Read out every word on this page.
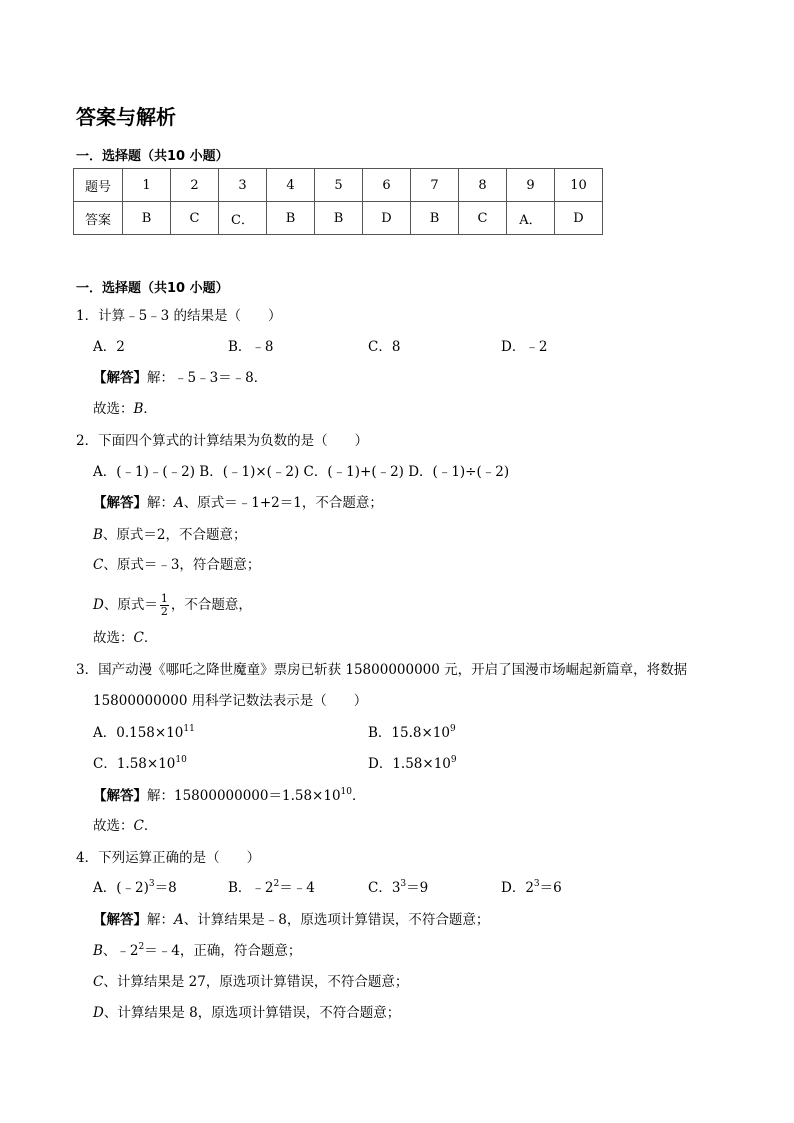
答案与解析
一．选择题（共10 小题）
题号	1	2	3	4	5	6	7	8	9	10
答案	B	C	C．	B	B	D	B	C	A．	D
一．选择题（共10 小题）
1．计算﹣5﹣3 的结果是（　　）
A．2	B．﹣8	C．8	D．﹣2
【解答】解：﹣5﹣3＝﹣8．
故选：B．
2．下面四个算式的计算结果为负数的是（　　）
A．(﹣1)﹣(﹣2) B．(﹣1)×(﹣2) C．(﹣1)+(﹣2) D．(﹣1)÷(﹣2)
【解答】解：A、原式＝﹣1+2＝1，不合题意；
B、原式＝2，不合题意；
C、原式＝﹣3，符合题意；
D、原式＝ $\frac{1}{2}$ ，不合题意，
故选：C．
3．国产动漫《哪吒之降世魔童》票房已斩获 15800000000 元，开启了国漫市场崛起新篇章，将数据
15800000000 用科学记数法表示是（　　）
A．$0.158\times 10^{11}$	B．$15.8\times 10^9$
C．$1.58\times 10^{10}$	D．$1.58\times 10^9$
【解答】解：$15800000000=1.58\times 10^{10}$．
故选：C．
4．下列运算正确的是（　　）
A．(﹣2)$^3$＝8	B．$﹣2^2=﹣4$	C．$3^3=9$	D．$2^3=6$
【解答】解：A、计算结果是﹣8，原选项计算错误，不符合题意；
B、$﹣2^2=﹣4$，正确，符合题意；
C、计算结果是 27，原选项计算错误，不符合题意；
D、计算结果是 8，原选项计算错误，不符合题意；
